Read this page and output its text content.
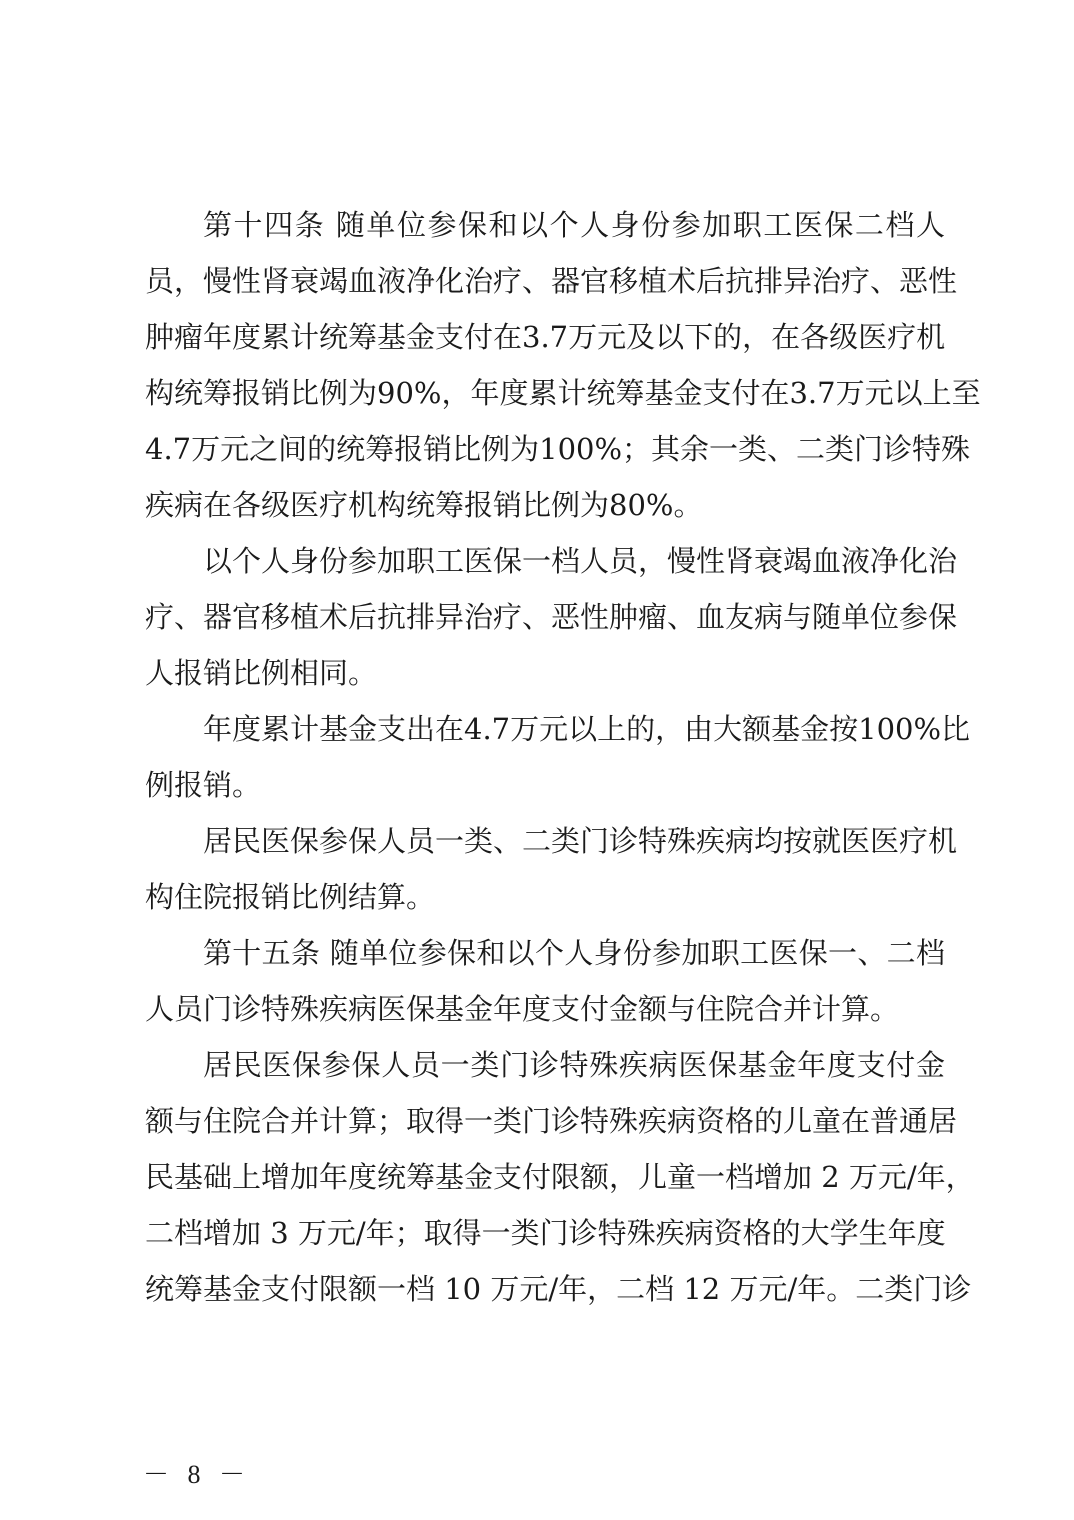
第十四条 随单位参保和以个人身份参加职工医保二档人
员，慢性肾衰竭血液净化治疗、器官移植术后抗排异治疗、恶性
肿瘤年度累计统筹基金支付在3.7万元及以下的，在各级医疗机
构统筹报销比例为90%，年度累计统筹基金支付在3.7万元以上至
4.7万元之间的统筹报销比例为100%；其余一类、二类门诊特殊
疾病在各级医疗机构统筹报销比例为80%。
以个人身份参加职工医保一档人员，慢性肾衰竭血液净化治
疗、器官移植术后抗排异治疗、恶性肿瘤、血友病与随单位参保
人报销比例相同。
年度累计基金支出在4.7万元以上的，由大额基金按100%比
例报销。
居民医保参保人员一类、二类门诊特殊疾病均按就医医疗机
构住院报销比例结算。
第十五条 随单位参保和以个人身份参加职工医保一、二档
人员门诊特殊疾病医保基金年度支付金额与住院合并计算。
居民医保参保人员一类门诊特殊疾病医保基金年度支付金
额与住院合并计算；取得一类门诊特殊疾病资格的儿童在普通居
民基础上增加年度统筹基金支付限额，儿童一档增加 2 万元/年，
二档增加 3 万元/年；取得一类门诊特殊疾病资格的大学生年度
统筹基金支付限额一档 10 万元/年，二档 12 万元/年。二类门诊
－ 8 －
